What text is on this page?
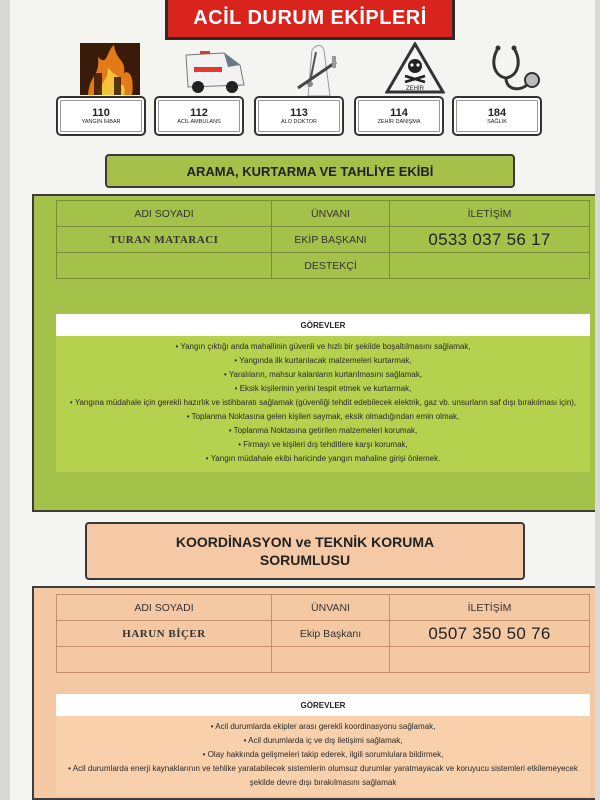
ACİL DURUM EKİPLERİ
ZEHİR
110
YANGIN İHBAR
112
ACİL AMBULANS
113
ALO DOKTOR
114
ZEHİR DANIŞMA
184
SAĞLIK
ARAMA, KURTARMA VE TAHLİYE EKİBİ
ADI SOYADI	ÜNVANI	İLETİŞİM
TURAN MATARACI	EKİP BAŞKANI	0533 037 56 17
	DESTEKÇİ	
GÖREVLER
• Yangın çıktığı anda mahallinin güvenli ve hızlı bir şekilde boşaltılmasını sağlamak,
• Yangında ilk kurtarılacak malzemeleri kurtarmak,
• Yaralıların, mahsur kalanların kurtarılmasını sağlamak,
• Eksik kişilerinin yerini tespit etmek ve kurtarmak,
• Yangına müdahale için gerekli hazırlık ve istihbaratı sağlamak (güvenliği tehdit edebilecek elektrik, gaz vb. unsurların saf dışı bırakılması için),
• Toplanma Noktasına gelen kişileri saymak, eksik olmadığından emin olmak,
• Toplanma Noktasına getirilen malzemeleri korumak,
• Firmayı ve kişileri dış tehditlere karşı korumak,
• Yangın müdahale ekibi haricinde yangın mahaline girişi önlemek.
KOORDİNASYON ve TEKNİK KORUMA
SORUMLUSU
ADI SOYADI	ÜNVANI	İLETİŞİM
HARUN BİÇER	Ekip Başkanı	0507 350 50 76

GÖREVLER
• Acil durumlarda ekipler arası gerekli koordinasyonu sağlamak,
• Acil durumlarda iç ve dış iletişimi sağlamak,
• Olay hakkında gelişmeleri takip ederek, ilgili sorumlulara bildirmek,
• Acil durumlarda enerji kaynaklarının ve tehlike yaratabilecek sistemlerin olumsuz durumlar yaratmayacak ve koruyucu sistemleri etkilemeyecek şekilde devre dışı bırakılmasını sağlamak
